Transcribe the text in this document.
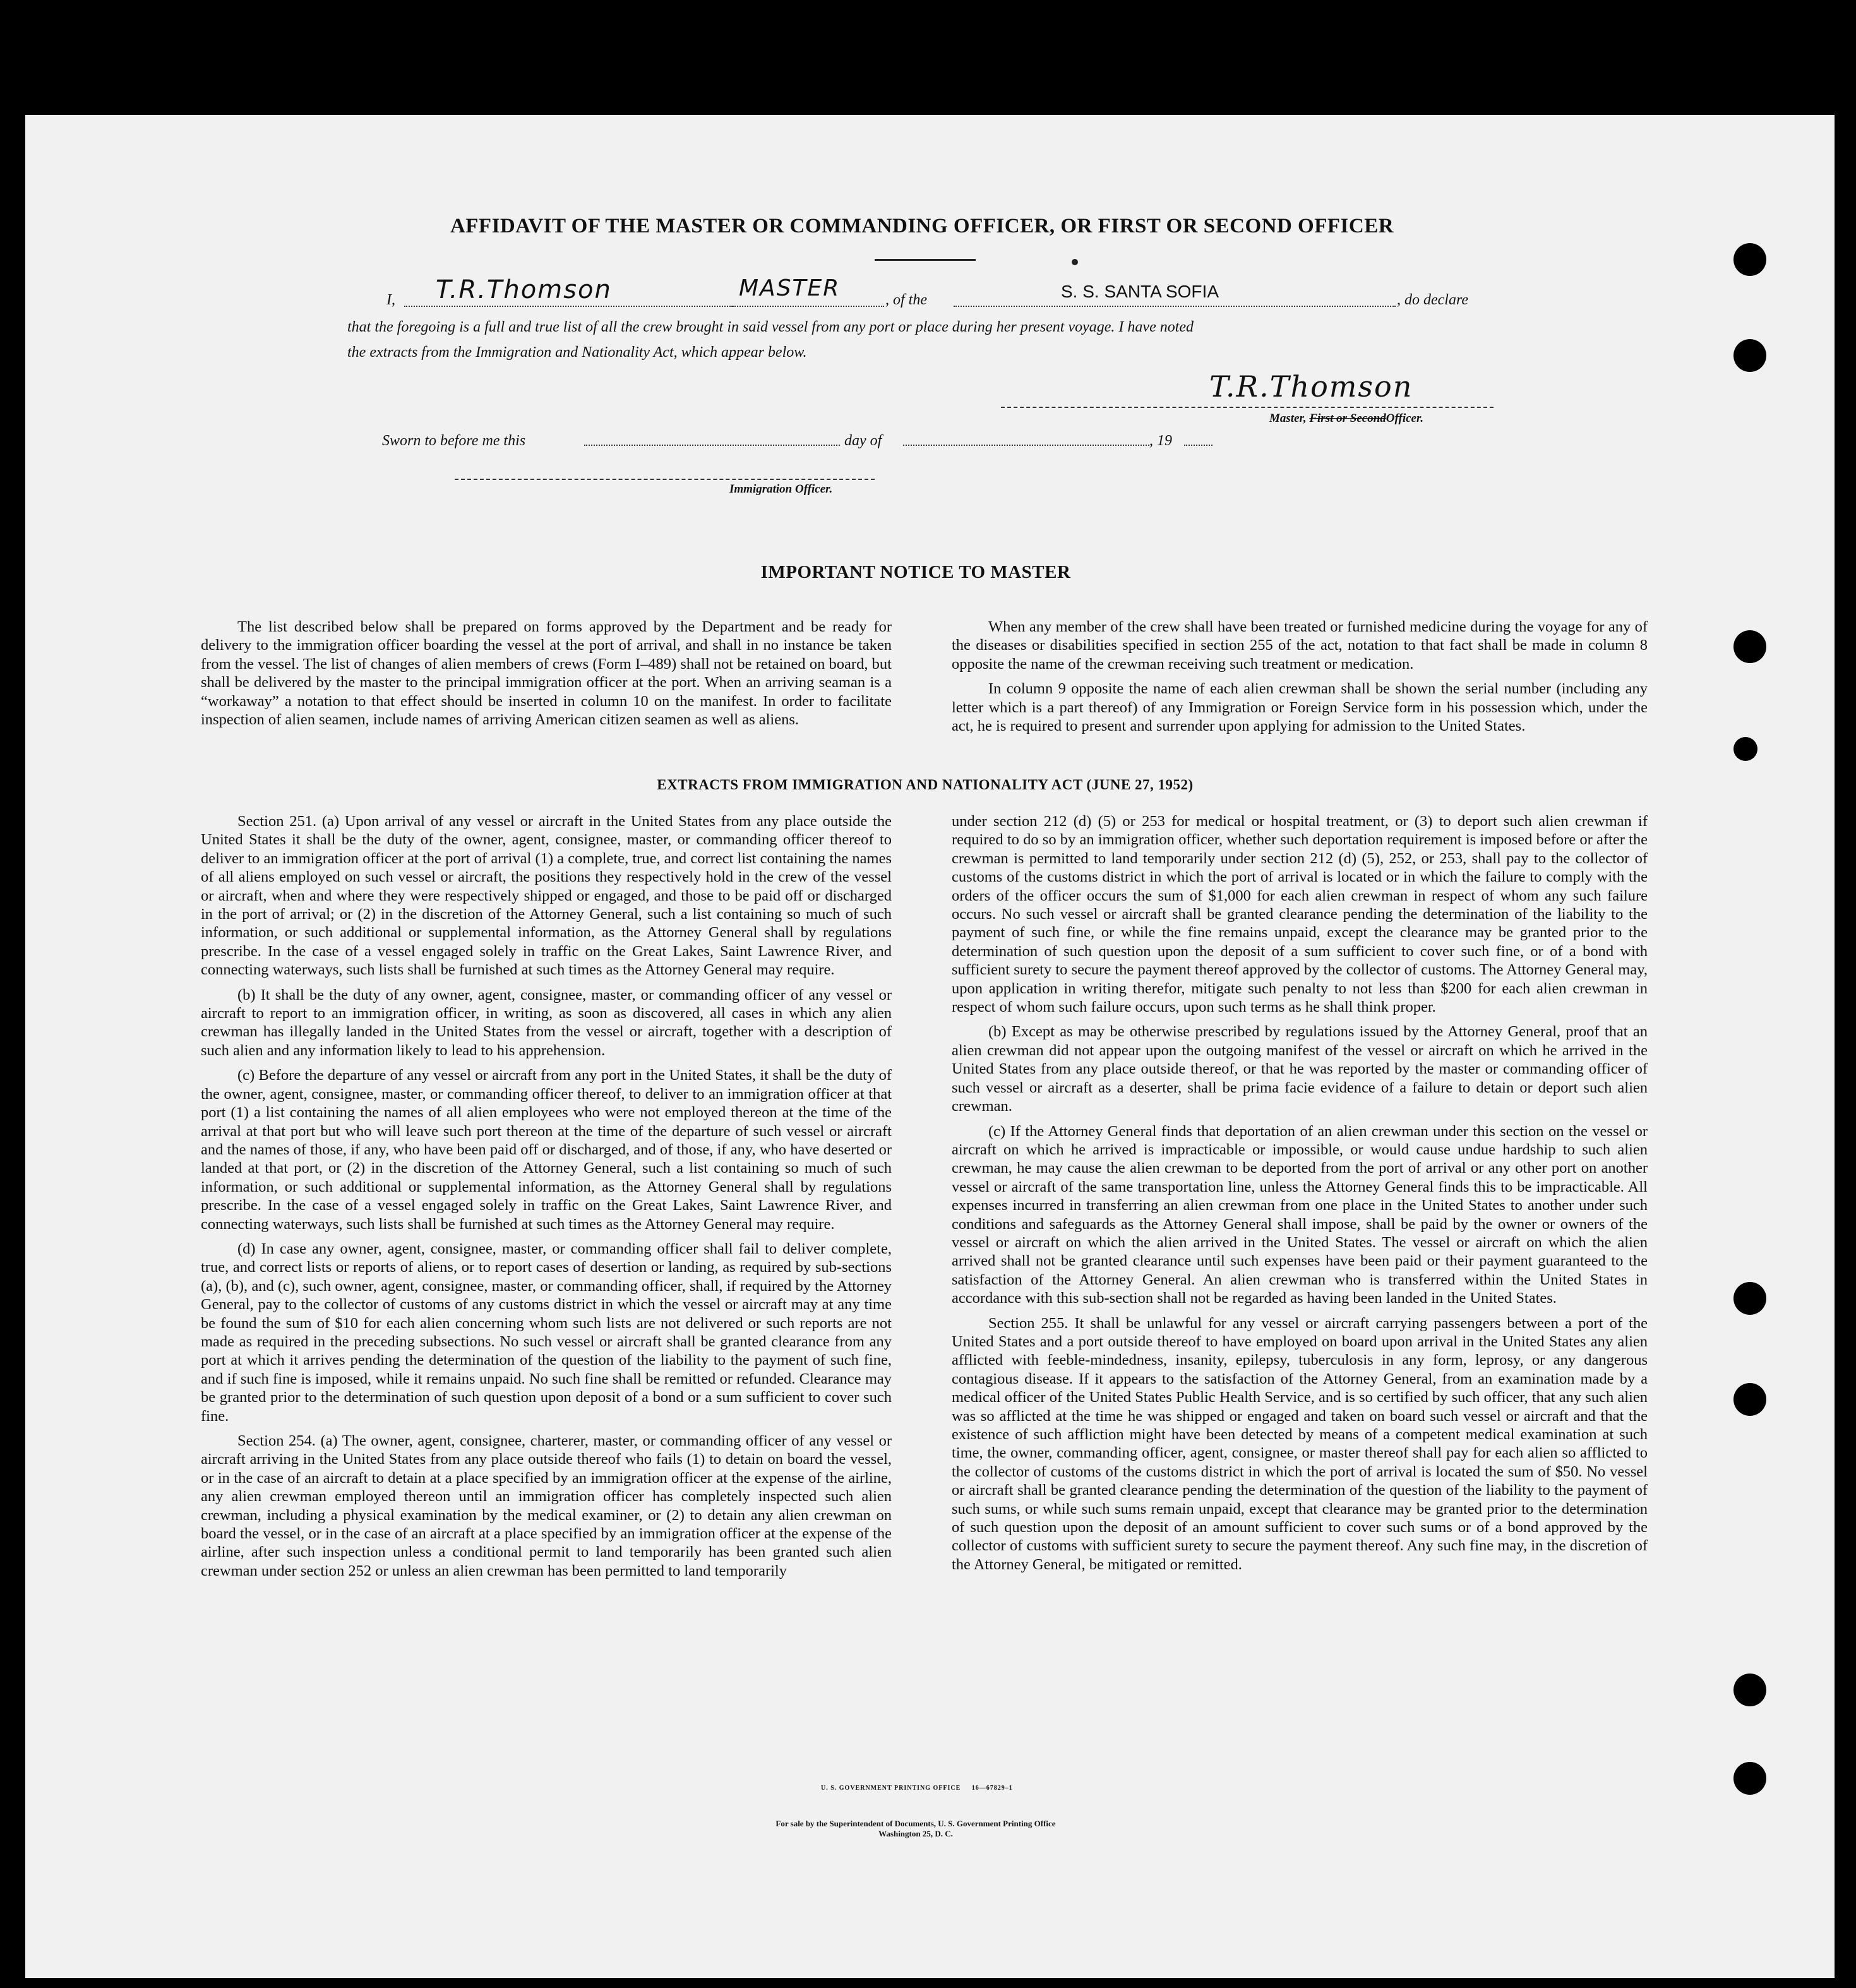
AFFIDAVIT OF THE MASTER OR COMMANDING OFFICER, OR FIRST OR SECOND OFFICER
I, T.R.Thomson	MASTER	, of the	S. S. SANTA SOFIA	, do declare
that the foregoing is a full and true list of all the crew brought in said vessel from any port or place during her present voyage. I have noted
the extracts from the Immigration and Nationality Act, which appear below.
T.R.Thomson
Master, First or SecondOfficer.
Sworn to before me this	day of	, 19
Immigration Officer.
IMPORTANT NOTICE TO MASTER

The list described below shall be prepared on forms approved by the Department and be ready for delivery to the immigration officer boarding the vessel at the port of arrival, and shall in no instance be taken from the vessel. The list of changes of alien members of crews (Form I–489) shall not be retained on board, but shall be delivered by the master to the principal immigration officer at the port. When an arriving seaman is a “workaway” a notation to that effect should be inserted in column 10 on the manifest. In order to facilitate inspection of alien seamen, include names of arriving American citizen seamen as well as aliens.

When any member of the crew shall have been treated or furnished medicine during the voyage for any of the diseases or disabilities specified in section 255 of the act, notation to that fact shall be made in column 8 opposite the name of the crewman receiving such treatment or medication.

In column 9 opposite the name of each alien crewman shall be shown the serial number (including any letter which is a part thereof) of any Immigration or Foreign Service form in his possession which, under the act, he is required to present and surrender upon applying for admission to the United States.

EXTRACTS FROM IMMIGRATION AND NATIONALITY ACT (JUNE 27, 1952)

Section 251. (a) Upon arrival of any vessel or aircraft in the United States from any place outside the United States it shall be the duty of the owner, agent, consignee, master, or commanding officer thereof to deliver to an immigration officer at the port of arrival (1) a complete, true, and correct list containing the names of all aliens employed on such vessel or aircraft, the positions they respectively hold in the crew of the vessel or aircraft, when and where they were respectively shipped or engaged, and those to be paid off or discharged in the port of arrival; or (2) in the discretion of the Attorney General, such a list containing so much of such information, or such additional or supplemental information, as the Attorney General shall by regulations prescribe. In the case of a vessel engaged solely in traffic on the Great Lakes, Saint Lawrence River, and connecting waterways, such lists shall be furnished at such times as the Attorney General may require.

(b) It shall be the duty of any owner, agent, consignee, master, or commanding officer of any vessel or aircraft to report to an immigration officer, in writing, as soon as discovered, all cases in which any alien crewman has illegally landed in the United States from the vessel or aircraft, together with a description of such alien and any information likely to lead to his apprehension.

(c) Before the departure of any vessel or aircraft from any port in the United States, it shall be the duty of the owner, agent, consignee, master, or commanding officer thereof, to deliver to an immigration officer at that port (1) a list containing the names of all alien employees who were not employed thereon at the time of the arrival at that port but who will leave such port thereon at the time of the departure of such vessel or aircraft and the names of those, if any, who have been paid off or discharged, and of those, if any, who have deserted or landed at that port, or (2) in the discretion of the Attorney General, such a list containing so much of such information, or such additional or supplemental information, as the Attorney General shall by regulations prescribe. In the case of a vessel engaged solely in traffic on the Great Lakes, Saint Lawrence River, and connecting waterways, such lists shall be furnished at such times as the Attorney General may require.

(d) In case any owner, agent, consignee, master, or commanding officer shall fail to deliver complete, true, and correct lists or reports of aliens, or to report cases of desertion or landing, as required by sub-sections (a), (b), and (c), such owner, agent, consignee, master, or commanding officer, shall, if required by the Attorney General, pay to the collector of customs of any customs district in which the vessel or aircraft may at any time be found the sum of $10 for each alien concerning whom such lists are not delivered or such reports are not made as required in the preceding subsections. No such vessel or aircraft shall be granted clearance from any port at which it arrives pending the determination of the question of the liability to the payment of such fine, and if such fine is imposed, while it remains unpaid. No such fine shall be remitted or refunded. Clearance may be granted prior to the determination of such question upon deposit of a bond or a sum sufficient to cover such fine.

Section 254. (a) The owner, agent, consignee, charterer, master, or commanding officer of any vessel or aircraft arriving in the United States from any place outside thereof who fails (1) to detain on board the vessel, or in the case of an aircraft to detain at a place specified by an immigration officer at the expense of the airline, any alien crewman employed thereon until an immigration officer has completely inspected such alien crewman, including a physical examination by the medical examiner, or (2) to detain any alien crewman on board the vessel, or in the case of an aircraft at a place specified by an immigration officer at the expense of the airline, after such inspection unless a conditional permit to land temporarily has been granted such alien crewman under section 252 or unless an alien crewman has been permitted to land temporarily

under section 212 (d) (5) or 253 for medical or hospital treatment, or (3) to deport such alien crewman if required to do so by an immigration officer, whether such deportation requirement is imposed before or after the crewman is permitted to land temporarily under section 212 (d) (5), 252, or 253, shall pay to the collector of customs of the customs district in which the port of arrival is located or in which the failure to comply with the orders of the officer occurs the sum of $1,000 for each alien crewman in respect of whom any such failure occurs. No such vessel or aircraft shall be granted clearance pending the determination of the liability to the payment of such fine, or while the fine remains unpaid, except the clearance may be granted prior to the determination of such question upon the deposit of a sum sufficient to cover such fine, or of a bond with sufficient surety to secure the payment thereof approved by the collector of customs. The Attorney General may, upon application in writing therefor, mitigate such penalty to not less than $200 for each alien crewman in respect of whom such failure occurs, upon such terms as he shall think proper.

(b) Except as may be otherwise prescribed by regulations issued by the Attorney General, proof that an alien crewman did not appear upon the outgoing manifest of the vessel or aircraft on which he arrived in the United States from any place outside thereof, or that he was reported by the master or commanding officer of such vessel or aircraft as a deserter, shall be prima facie evidence of a failure to detain or deport such alien crewman.

(c) If the Attorney General finds that deportation of an alien crewman under this section on the vessel or aircraft on which he arrived is impracticable or impossible, or would cause undue hardship to such alien crewman, he may cause the alien crewman to be deported from the port of arrival or any other port on another vessel or aircraft of the same transportation line, unless the Attorney General finds this to be impracticable. All expenses incurred in transferring an alien crewman from one place in the United States to another under such conditions and safeguards as the Attorney General shall impose, shall be paid by the owner or owners of the vessel or aircraft on which the alien arrived in the United States. The vessel or aircraft on which the alien arrived shall not be granted clearance until such expenses have been paid or their payment guaranteed to the satisfaction of the Attorney General. An alien crewman who is transferred within the United States in accordance with this sub-section shall not be regarded as having been landed in the United States.

Section 255. It shall be unlawful for any vessel or aircraft carrying passengers between a port of the United States and a port outside thereof to have employed on board upon arrival in the United States any alien afflicted with feeble-mindedness, insanity, epilepsy, tuberculosis in any form, leprosy, or any dangerous contagious disease. If it appears to the satisfaction of the Attorney General, from an examination made by a medical officer of the United States Public Health Service, and is so certified by such officer, that any such alien was so afflicted at the time he was shipped or engaged and taken on board such vessel or aircraft and that the existence of such affliction might have been detected by means of a competent medical examination at such time, the owner, commanding officer, agent, consignee, or master thereof shall pay for each alien so afflicted to the collector of customs of the customs district in which the port of arrival is located the sum of $50. No vessel or aircraft shall be granted clearance pending the determination of the question of the liability to the payment of such sums, or while such sums remain unpaid, except that clearance may be granted prior to the determination of such question upon the deposit of an amount sufficient to cover such sums or of a bond approved by the collector of customs with sufficient surety to secure the payment thereof. Any such fine may, in the discretion of the Attorney General, be mitigated or remitted.

U. S. GOVERNMENT PRINTING OFFICE     16—67829–1
For sale by the Superintendent of Documents, U. S. Government Printing Office
Washington 25, D. C.
